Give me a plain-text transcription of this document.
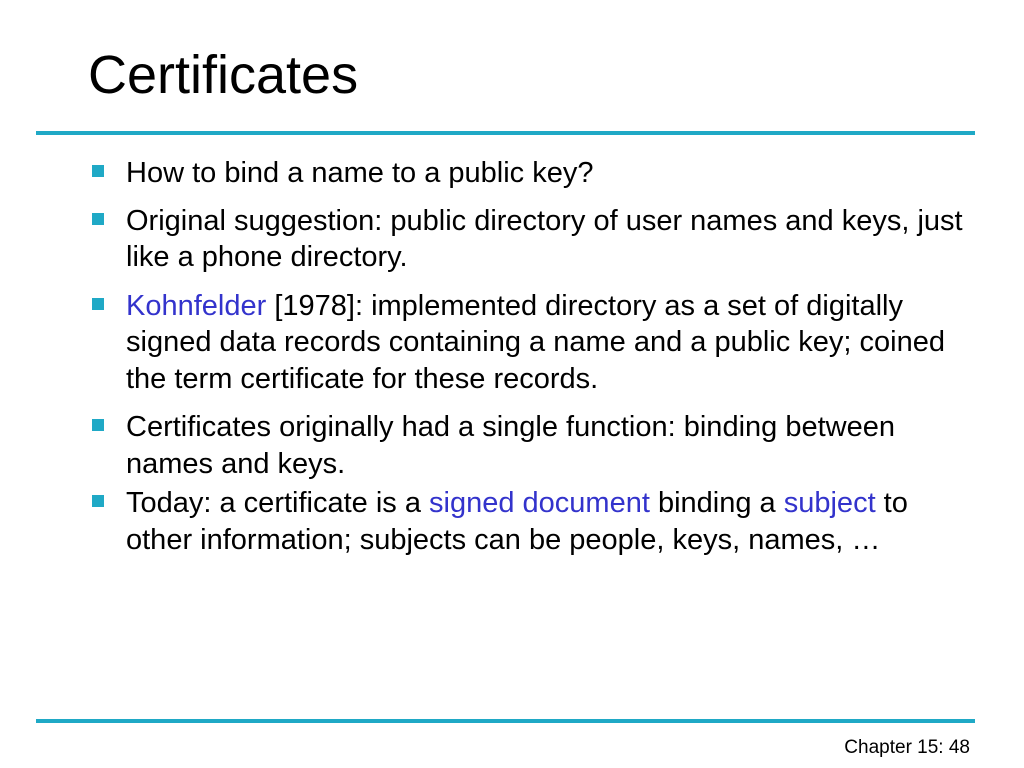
Certificates
How to bind a name to a public key?
Original suggestion: public directory of user names and keys, just like a phone directory.
Kohnfelder [1978]: implemented directory as a set of digitally signed data records containing a name and a public key; coined the term certificate for these records.
Certificates originally had a single function: binding between names and keys.
Today: a certificate is a signed document binding a subject to other information; subjects can be people, keys, names, …
Chapter 15: 48
